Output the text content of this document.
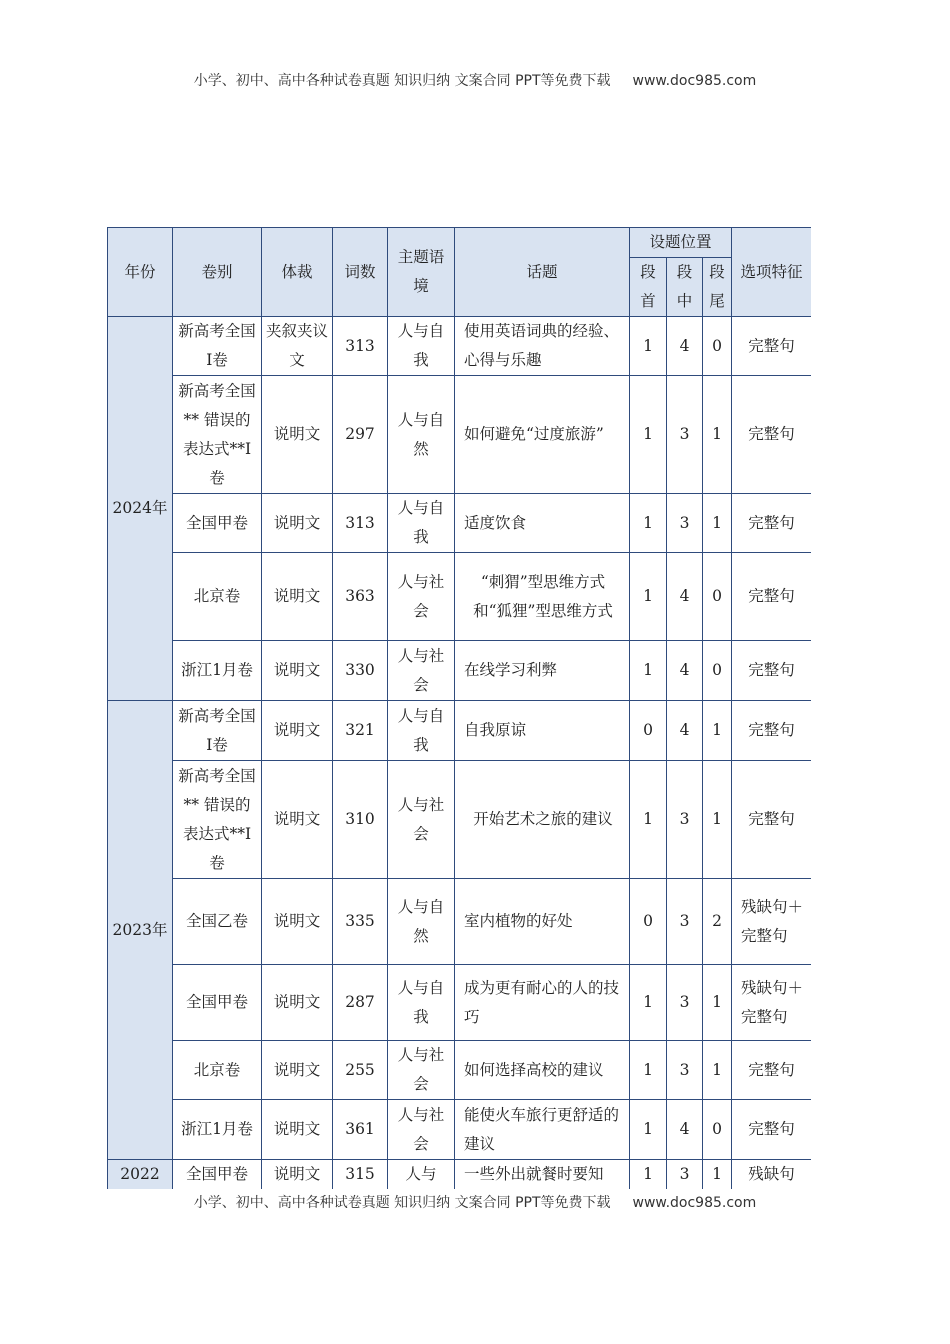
小学、初中、高中各种试卷真题 知识归纳 文案合同 PPT等免费下载 www.doc985.com
年份	卷别	体裁	词数	主题语境	话题	设题位置			选项特征
						段首	段中	段尾	
2024年	新高考全国I卷	夹叙夹议文	313	人与自我	使用英语词典的经验、心得与乐趣	1	4	0	完整句
	新高考全国** 错误的表达式**I卷	说明文	297	人与自然	如何避免“过度旅游”	1	3	1	完整句
	全国甲卷	说明文	313	人与自我	适度饮食	1	3	1	完整句
	北京卷	说明文	363	人与社会	“刺猬”型思维方式和“狐狸”型思维方式	1	4	0	完整句
	浙江1月卷	说明文	330	人与社会	在线学习利弊	1	4	0	完整句
2023年	新高考全国I卷	说明文	321	人与自我	自我原谅	0	4	1	完整句
	新高考全国** 错误的表达式**I卷	说明文	310	人与社会	开始艺术之旅的建议	1	3	1	完整句
	全国乙卷	说明文	335	人与自然	室内植物的好处	0	3	2	残缺句＋完整句
	全国甲卷	说明文	287	人与自我	成为更有耐心的人的技巧	1	3	1	残缺句＋完整句
	北京卷	说明文	255	人与社会	如何选择高校的建议	1	3	1	完整句
	浙江1月卷	说明文	361	人与社会	能使火车旅行更舒适的建议	1	4	0	完整句
2022	全国甲卷	说明文	315	人与	一些外出就餐时要知	1	3	1	残缺句
小学、初中、高中各种试卷真题 知识归纳 文案合同 PPT等免费下载 www.doc985.com
